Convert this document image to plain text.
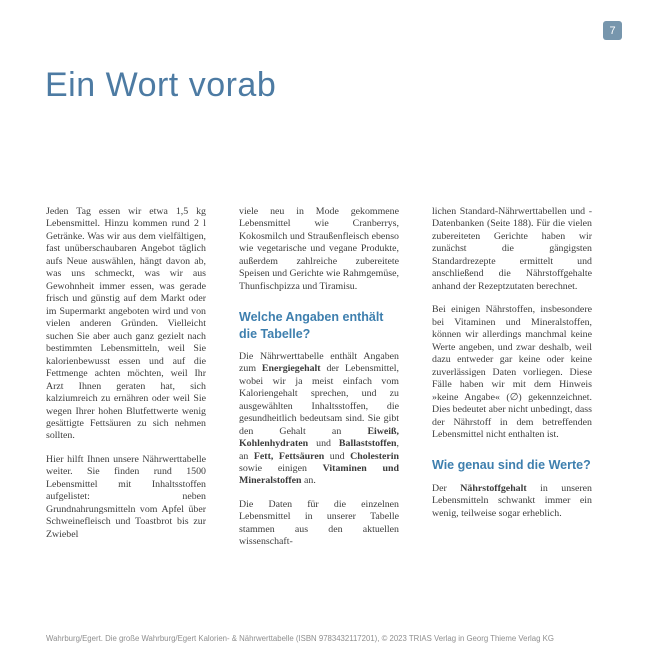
7
Ein Wort vorab

Jeden Tag essen wir etwa 1,5 kg Lebensmittel. Hinzu kommen rund 2 l Getränke. Was wir aus dem vielfältigen, fast unüberschaubaren Angebot täglich aufs Neue auswählen, hängt davon ab, was uns schmeckt, was wir aus Gewohnheit immer essen, was gerade frisch und günstig auf dem Markt oder im Supermarkt angeboten wird und von vielen anderen Gründen. Vielleicht suchen Sie aber auch ganz gezielt nach bestimmten Lebensmitteln, weil Sie kalorienbewusst essen und auf die Fettmenge achten möchten, weil Ihr Arzt Ihnen geraten hat, sich kalziumreich zu ernähren oder weil Sie wegen Ihrer hohen Blutfettwerte wenig gesättigte Fettsäuren zu sich nehmen sollten.

Hier hilft Ihnen unsere Nährwerttabelle weiter. Sie finden rund 1500 Lebensmittel mit Inhaltsstoffen aufgelistet: neben Grundnahrungsmitteln vom Apfel über Schweinefleisch und Toastbrot bis zur Zwiebel

viele neu in Mode gekommene Lebensmittel wie Cranberrys, Kokosmilch und Straußenfleisch ebenso wie vegetarische und vegane Produkte, außerdem zahlreiche zubereitete Speisen und Gerichte wie Rahmgemüse, Thunfischpizza und Tiramisu.

Welche Angaben enthält die Tabelle?

Die Nährwerttabelle enthält Angaben zum Energiegehalt der Lebensmittel, wobei wir ja meist einfach vom Kaloriengehalt sprechen, und zu ausgewählten Inhaltsstoffen, die gesundheitlich bedeutsam sind. Sie gibt den Gehalt an Eiweiß, Kohlenhydraten und Ballaststoffen, an Fett, Fettsäuren und Cholesterin sowie einigen Vitaminen und Mineralstoffen an.

Die Daten für die einzelnen Lebensmittel in unserer Tabelle stammen aus den aktuellen wissenschaft-

lichen Standard-Nährwerttabellen und -Datenbanken (Seite 188). Für die vielen zubereiteten Gerichte haben wir zunächst die gängigsten Standardrezepte ermittelt und anschließend die Nährstoffgehalte anhand der Rezeptzutaten berechnet.

Bei einigen Nährstoffen, insbesondere bei Vitaminen und Mineralstoffen, können wir allerdings manchmal keine Werte angeben, und zwar deshalb, weil dazu entweder gar keine oder keine zuverlässigen Daten vorliegen. Diese Fälle haben wir mit dem Hinweis »keine Angabe« (∅) gekennzeichnet. Dies bedeutet aber nicht unbedingt, dass der Nährstoff in dem betreffenden Lebensmittel nicht enthalten ist.

Wie genau sind die Werte?

Der Nährstoffgehalt in unseren Lebensmitteln schwankt immer ein wenig, teilweise sogar erheblich.

Wahrburg/Egert. Die große Wahrburg/Egert Kalorien- & Nährwerttabelle (ISBN 9783432117201), © 2023 TRIAS Verlag in Georg Thieme Verlag KG
